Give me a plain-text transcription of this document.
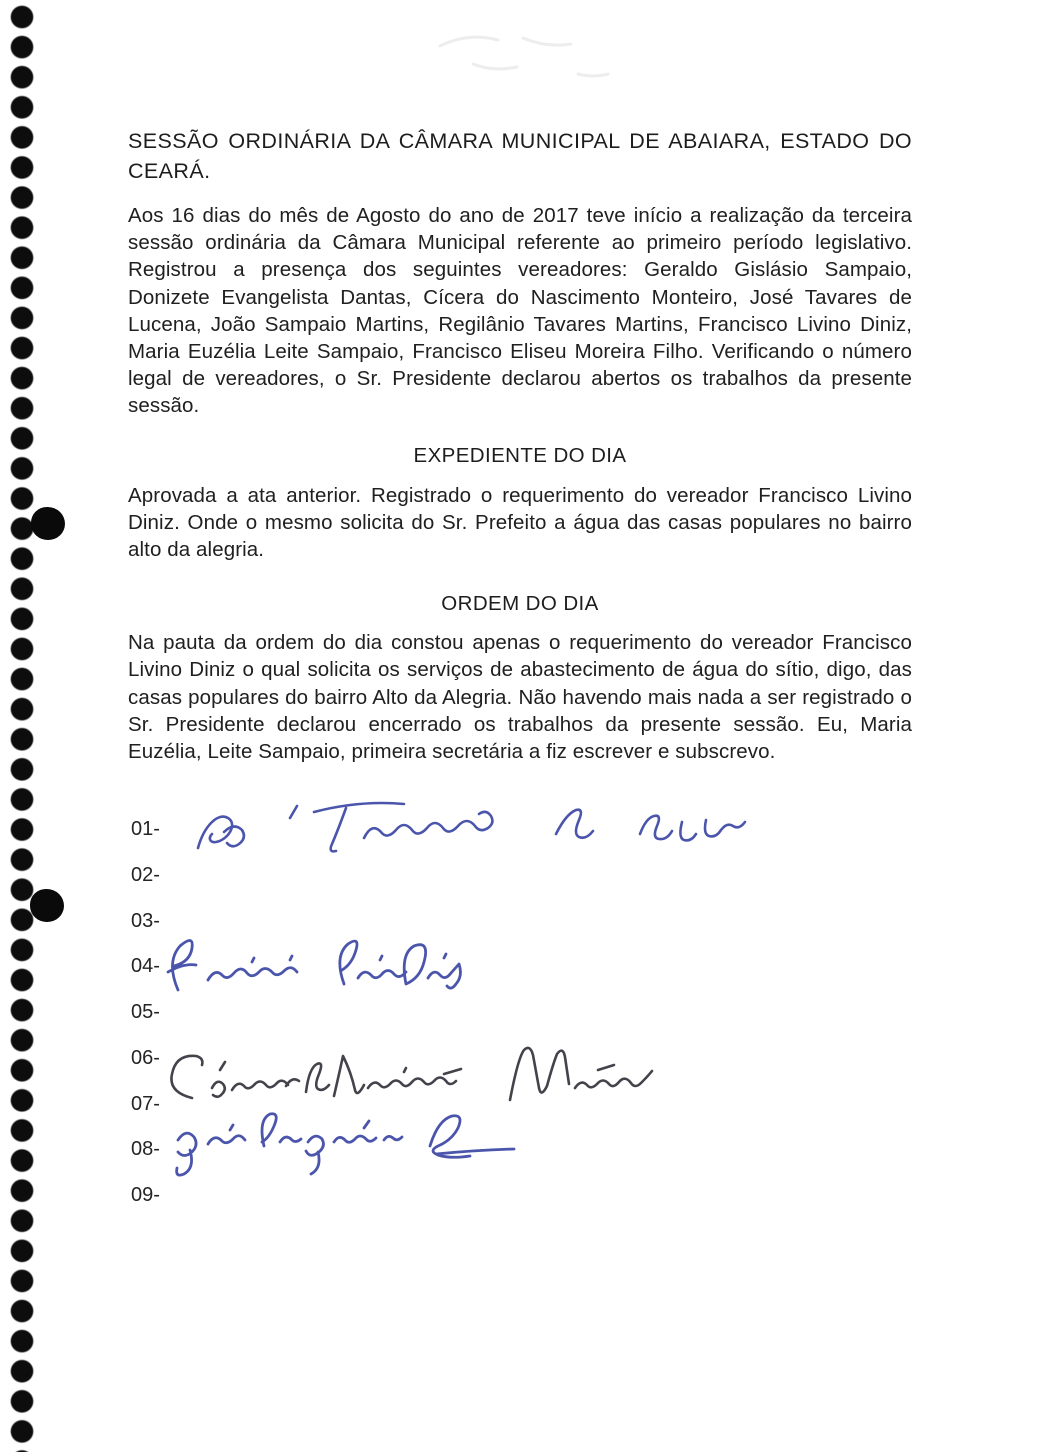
SESSÃO ORDINÁRIA DA CÂMARA MUNICIPAL DE ABAIARA, ESTADO DO CEARÁ.

Aos 16 dias do mês de Agosto do ano de 2017 teve início a realização da terceira sessão ordinária da Câmara Municipal referente ao primeiro período legislativo. Registrou a presença dos seguintes vereadores: Geraldo Gislásio Sampaio, Donizete Evangelista Dantas, Cícera do Nascimento Monteiro, José Tavares de Lucena, João Sampaio Martins, Regilânio Tavares Martins, Francisco Livino Diniz, Maria Euzélia Leite Sampaio, Francisco Eliseu Moreira Filho. Verificando o número legal de vereadores, o Sr. Presidente declarou abertos os trabalhos da presente sessão.

EXPEDIENTE DO DIA

Aprovada a ata anterior. Registrado o requerimento do vereador Francisco Livino Diniz. Onde o mesmo solicita do Sr. Prefeito a água das casas populares no bairro alto da alegria.

ORDEM DO DIA

Na pauta da ordem do dia constou apenas o requerimento do vereador Francisco Livino Diniz o qual solicita os serviços de abastecimento de água do sítio, digo, das casas populares do bairro Alto da Alegria. Não havendo mais nada a ser registrado o Sr. Presidente declarou encerrado os trabalhos da presente sessão. Eu, Maria Euzélia, Leite Sampaio, primeira secretária a fiz escrever e subscrevo.

01-
02-
03-
04-
05-
06-
07-
08-
09-
